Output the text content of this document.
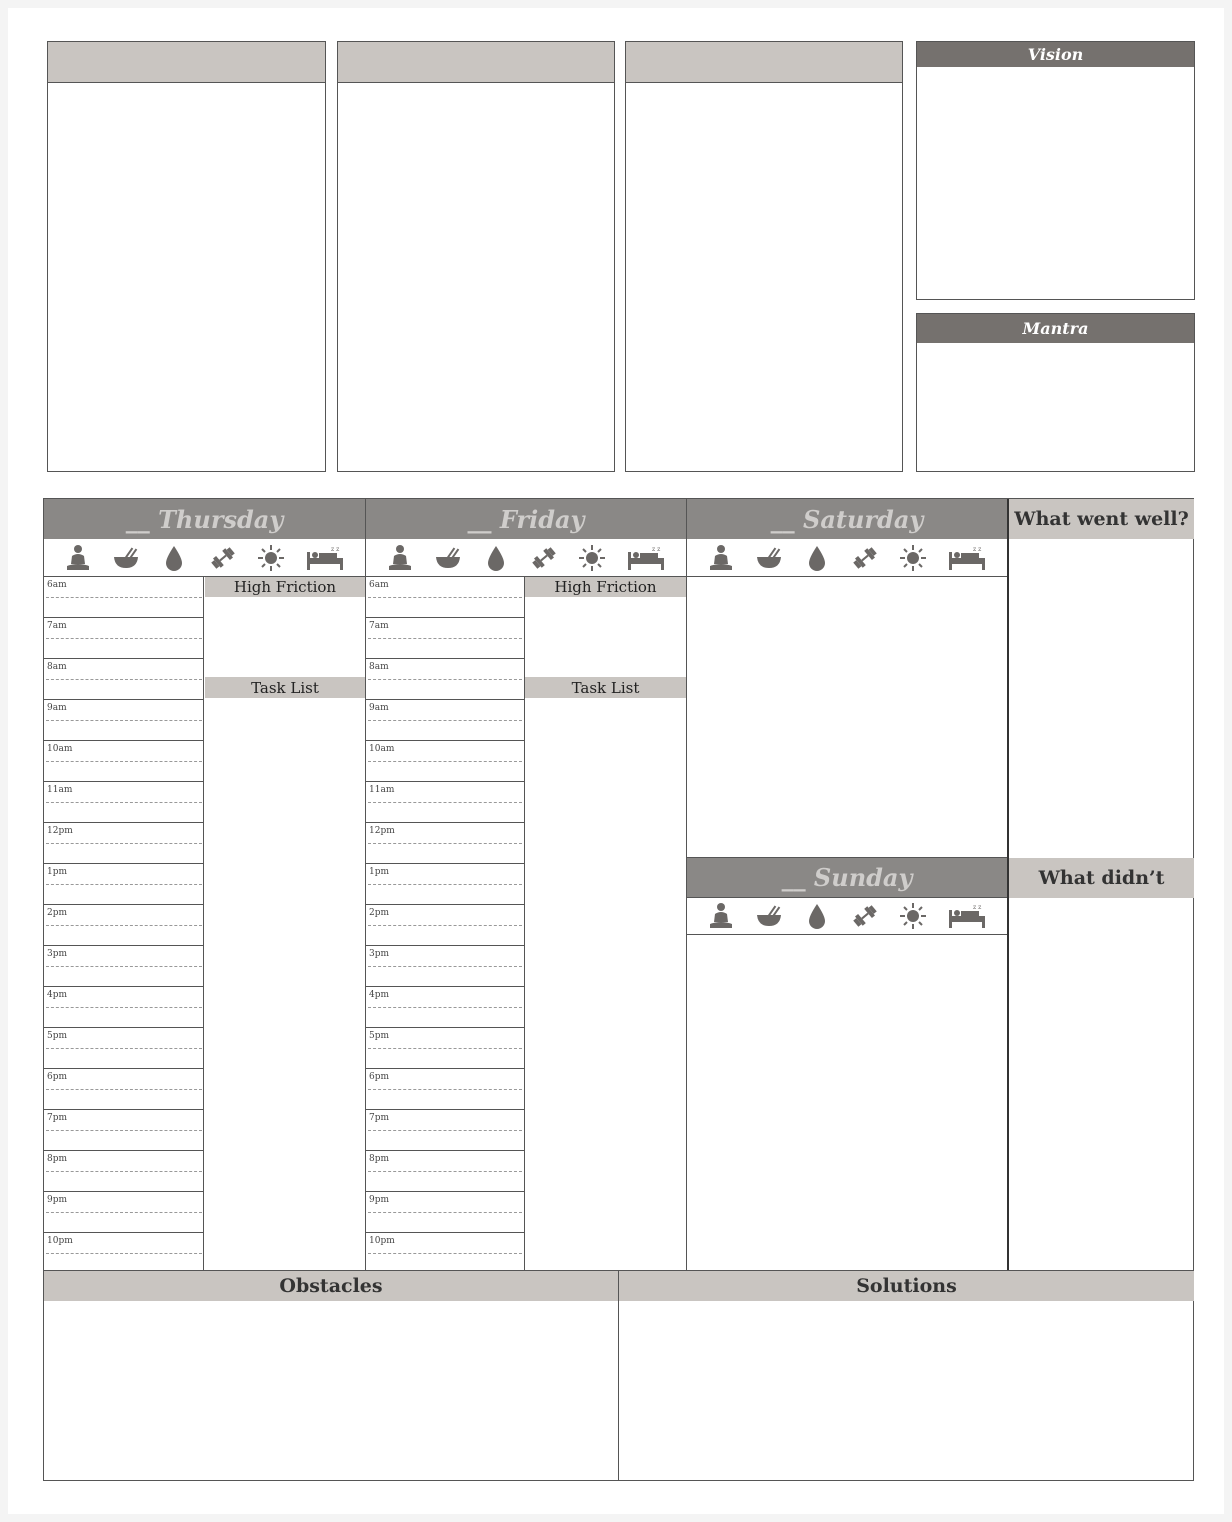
Vision
Mantra
__ Thursday
6am
7am
8am
9am
10am
11am
12pm
1pm
2pm
3pm
4pm
5pm
6pm
7pm
8pm
9pm
10pm
High Friction
Task List
__ Friday
6am
7am
8am
9am
10am
11am
12pm
1pm
2pm
3pm
4pm
5pm
6pm
7pm
8pm
9pm
10pm
High Friction
Task List
__ Saturday
__ Sunday
What went well?
What didn’t
Obstacles	Solutions
